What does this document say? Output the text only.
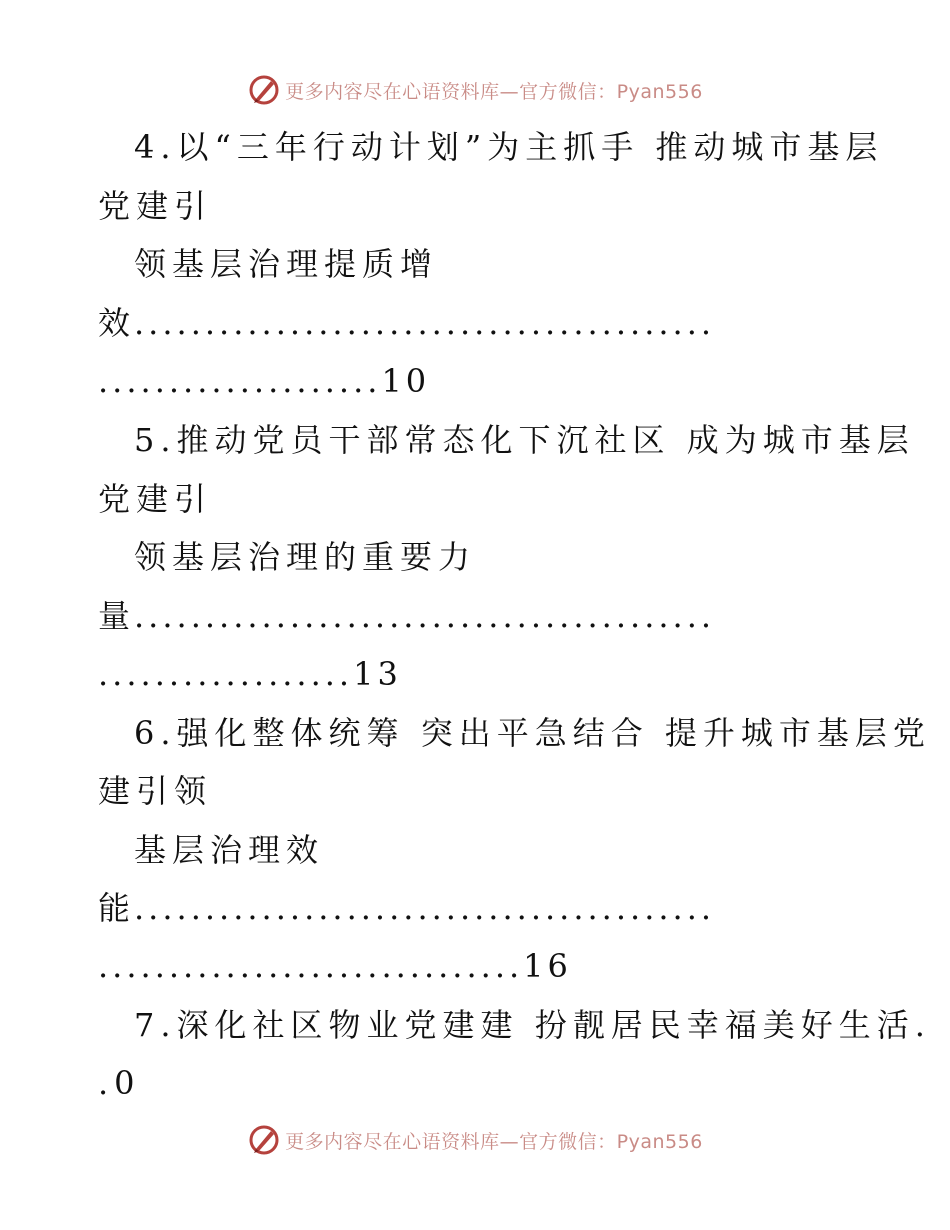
更多内容尽在心语资料库—官方微信：Pyan556
4.以“三年行动计划”为主抓手 推动城市基层
党建引
领基层治理提质增
效.........................................
....................10
5.推动党员干部常态化下沉社区 成为城市基层
党建引
领基层治理的重要力
量.........................................
..................13
6.强化整体统筹 突出平急结合 提升城市基层党
建引领
基层治理效
能.........................................
..............................16
7.深化社区物业党建建 扮靓居民幸福美好生活.
.0
更多内容尽在心语资料库—官方微信：Pyan556
